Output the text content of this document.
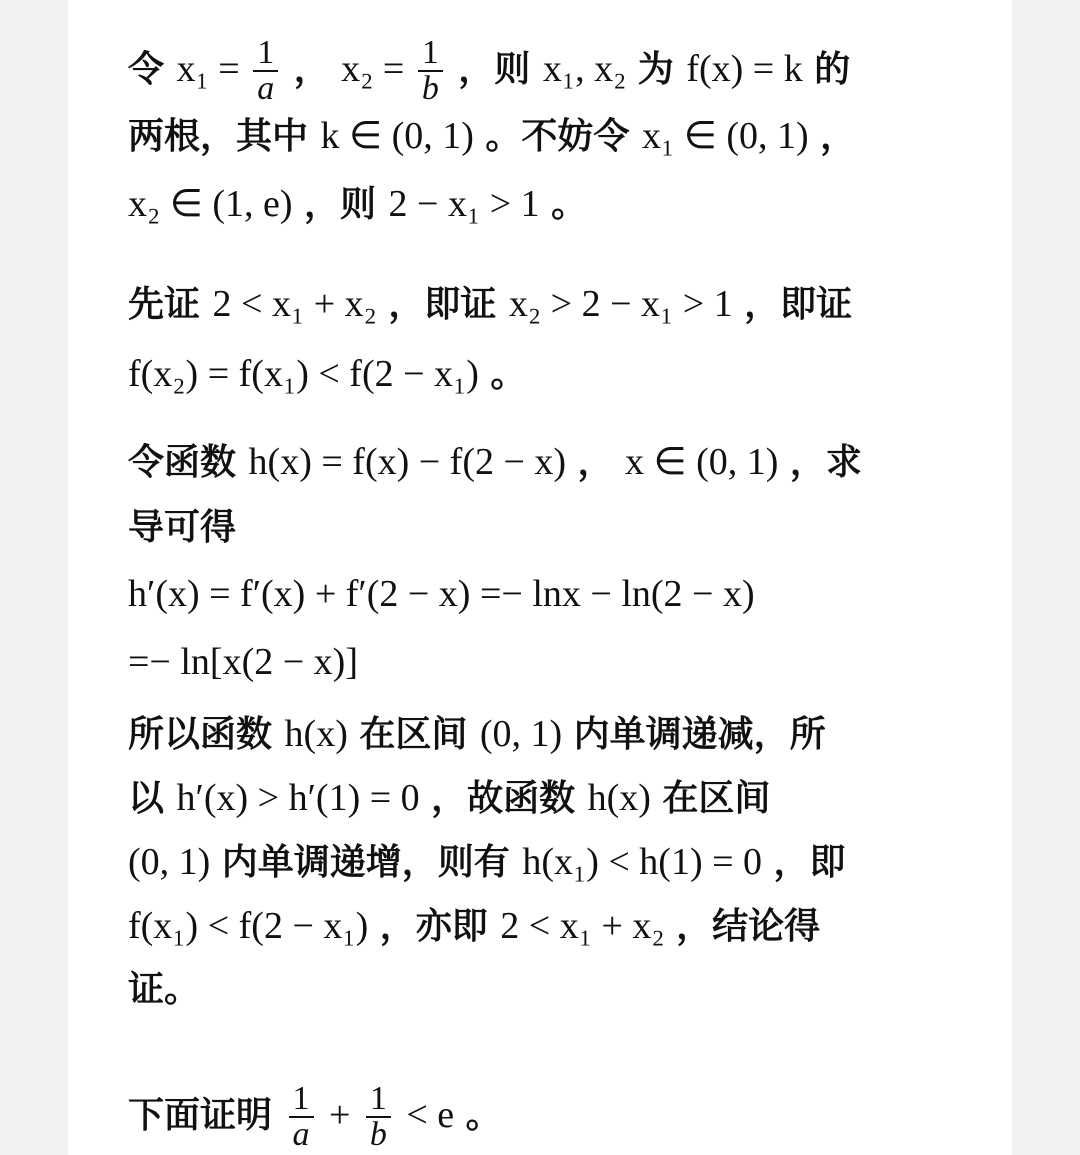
令 $x_1 = \frac{1}{a}$ ， $x_2 = \frac{1}{b}$ ，则 x₁, x₂ 为 f(x) = k 的
两根，其中 k ∈ (0, 1) 。不妨令 x₁ ∈ (0, 1) ，
x₂ ∈ (1, e) ，则 2 − x₁ > 1 。
先证 2 < x₁ + x₂ ，即证 x₂ > 2 − x₁ > 1 ，即证
f(x₂) = f(x₁) < f(2 − x₁) 。
令函数 h(x) = f(x) − f(2 − x) ， x ∈ (0, 1) ，求
导可得
h′(x) = f′(x) + f′(2 − x) =− lnx − ln(2 − x)
=− ln[x(2 − x)]
所以函数 h(x) 在区间 (0, 1) 内单调递减，所
以 h′(x) > h′(1) = 0 ，故函数 h(x) 在区间
(0, 1) 内单调递增，则有 h(x₁) < h(1) = 0 ，即
f(x₁) < f(2 − x₁) ，亦即 2 < x₁ + x₂ ，结论得
证。
下面证明 $\frac{1}{a} + \frac{1}{b} < e$ 。
